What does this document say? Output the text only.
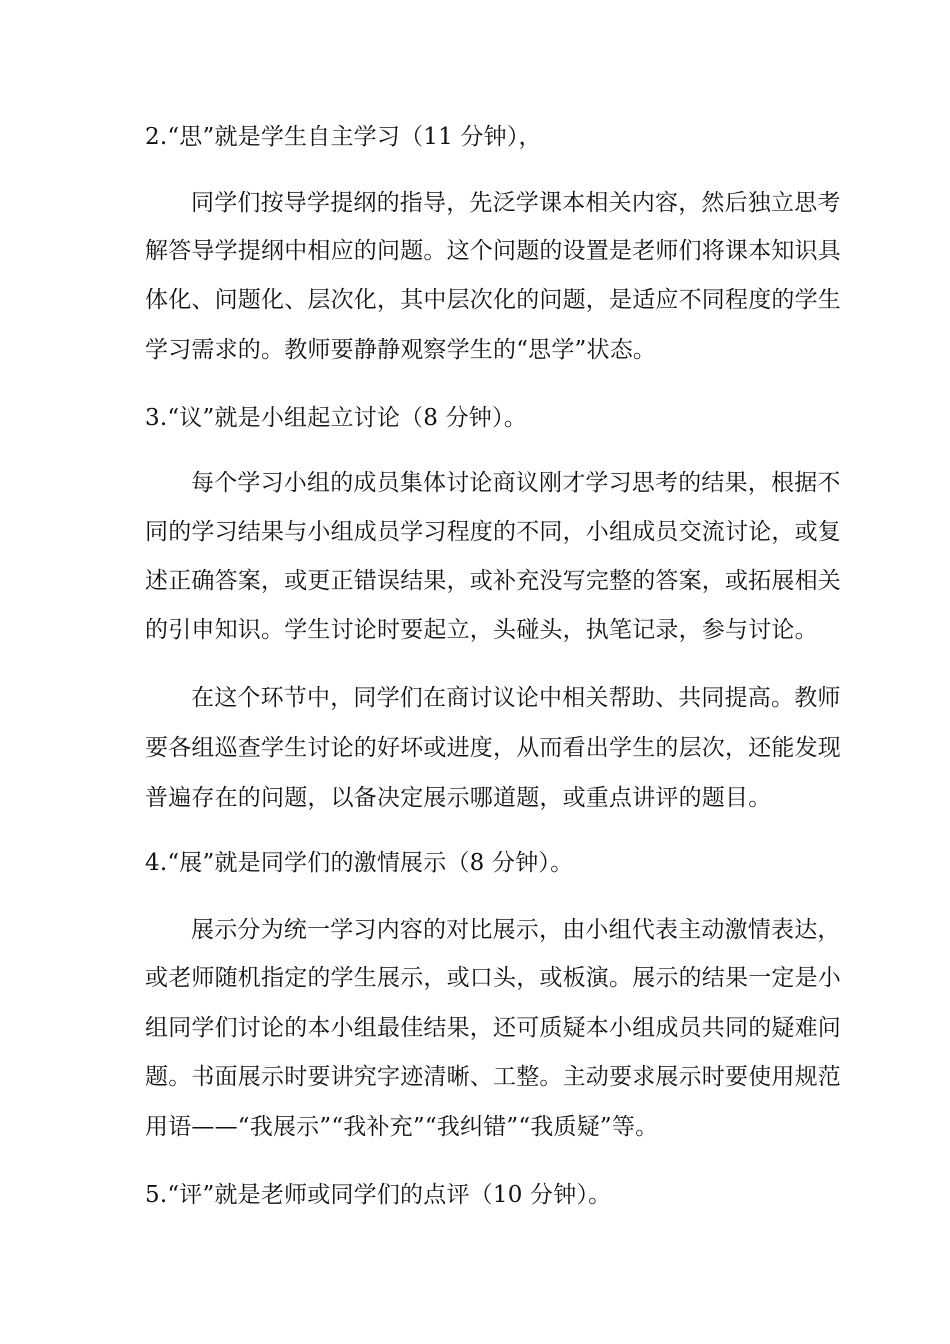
2.“思”就是学生自主学习（11 分钟），
同学们按导学提纲的指导，先泛学课本相关内容，然后独立思考
解答导学提纲中相应的问题。这个问题的设置是老师们将课本知识具
体化、问题化、层次化，其中层次化的问题，是适应不同程度的学生
学习需求的。教师要静静观察学生的“思学”状态。
3.“议”就是小组起立讨论（8 分钟）。
每个学习小组的成员集体讨论商议刚才学习思考的结果，根据不
同的学习结果与小组成员学习程度的不同，小组成员交流讨论，或复
述正确答案，或更正错误结果，或补充没写完整的答案，或拓展相关
的引申知识。学生讨论时要起立，头碰头，执笔记录，参与讨论。
在这个环节中，同学们在商讨议论中相关帮助、共同提高。教师
要各组巡查学生讨论的好坏或进度，从而看出学生的层次，还能发现
普遍存在的问题，以备决定展示哪道题，或重点讲评的题目。
4.“展”就是同学们的激情展示（8 分钟）。
展示分为统一学习内容的对比展示，由小组代表主动激情表达，
或老师随机指定的学生展示，或口头，或板演。展示的结果一定是小
组同学们讨论的本小组最佳结果，还可质疑本小组成员共同的疑难问
题。书面展示时要讲究字迹清晰、工整。主动要求展示时要使用规范
用语——“我展示”“我补充”“我纠错”“我质疑”等。
5.“评”就是老师或同学们的点评（10 分钟）。
